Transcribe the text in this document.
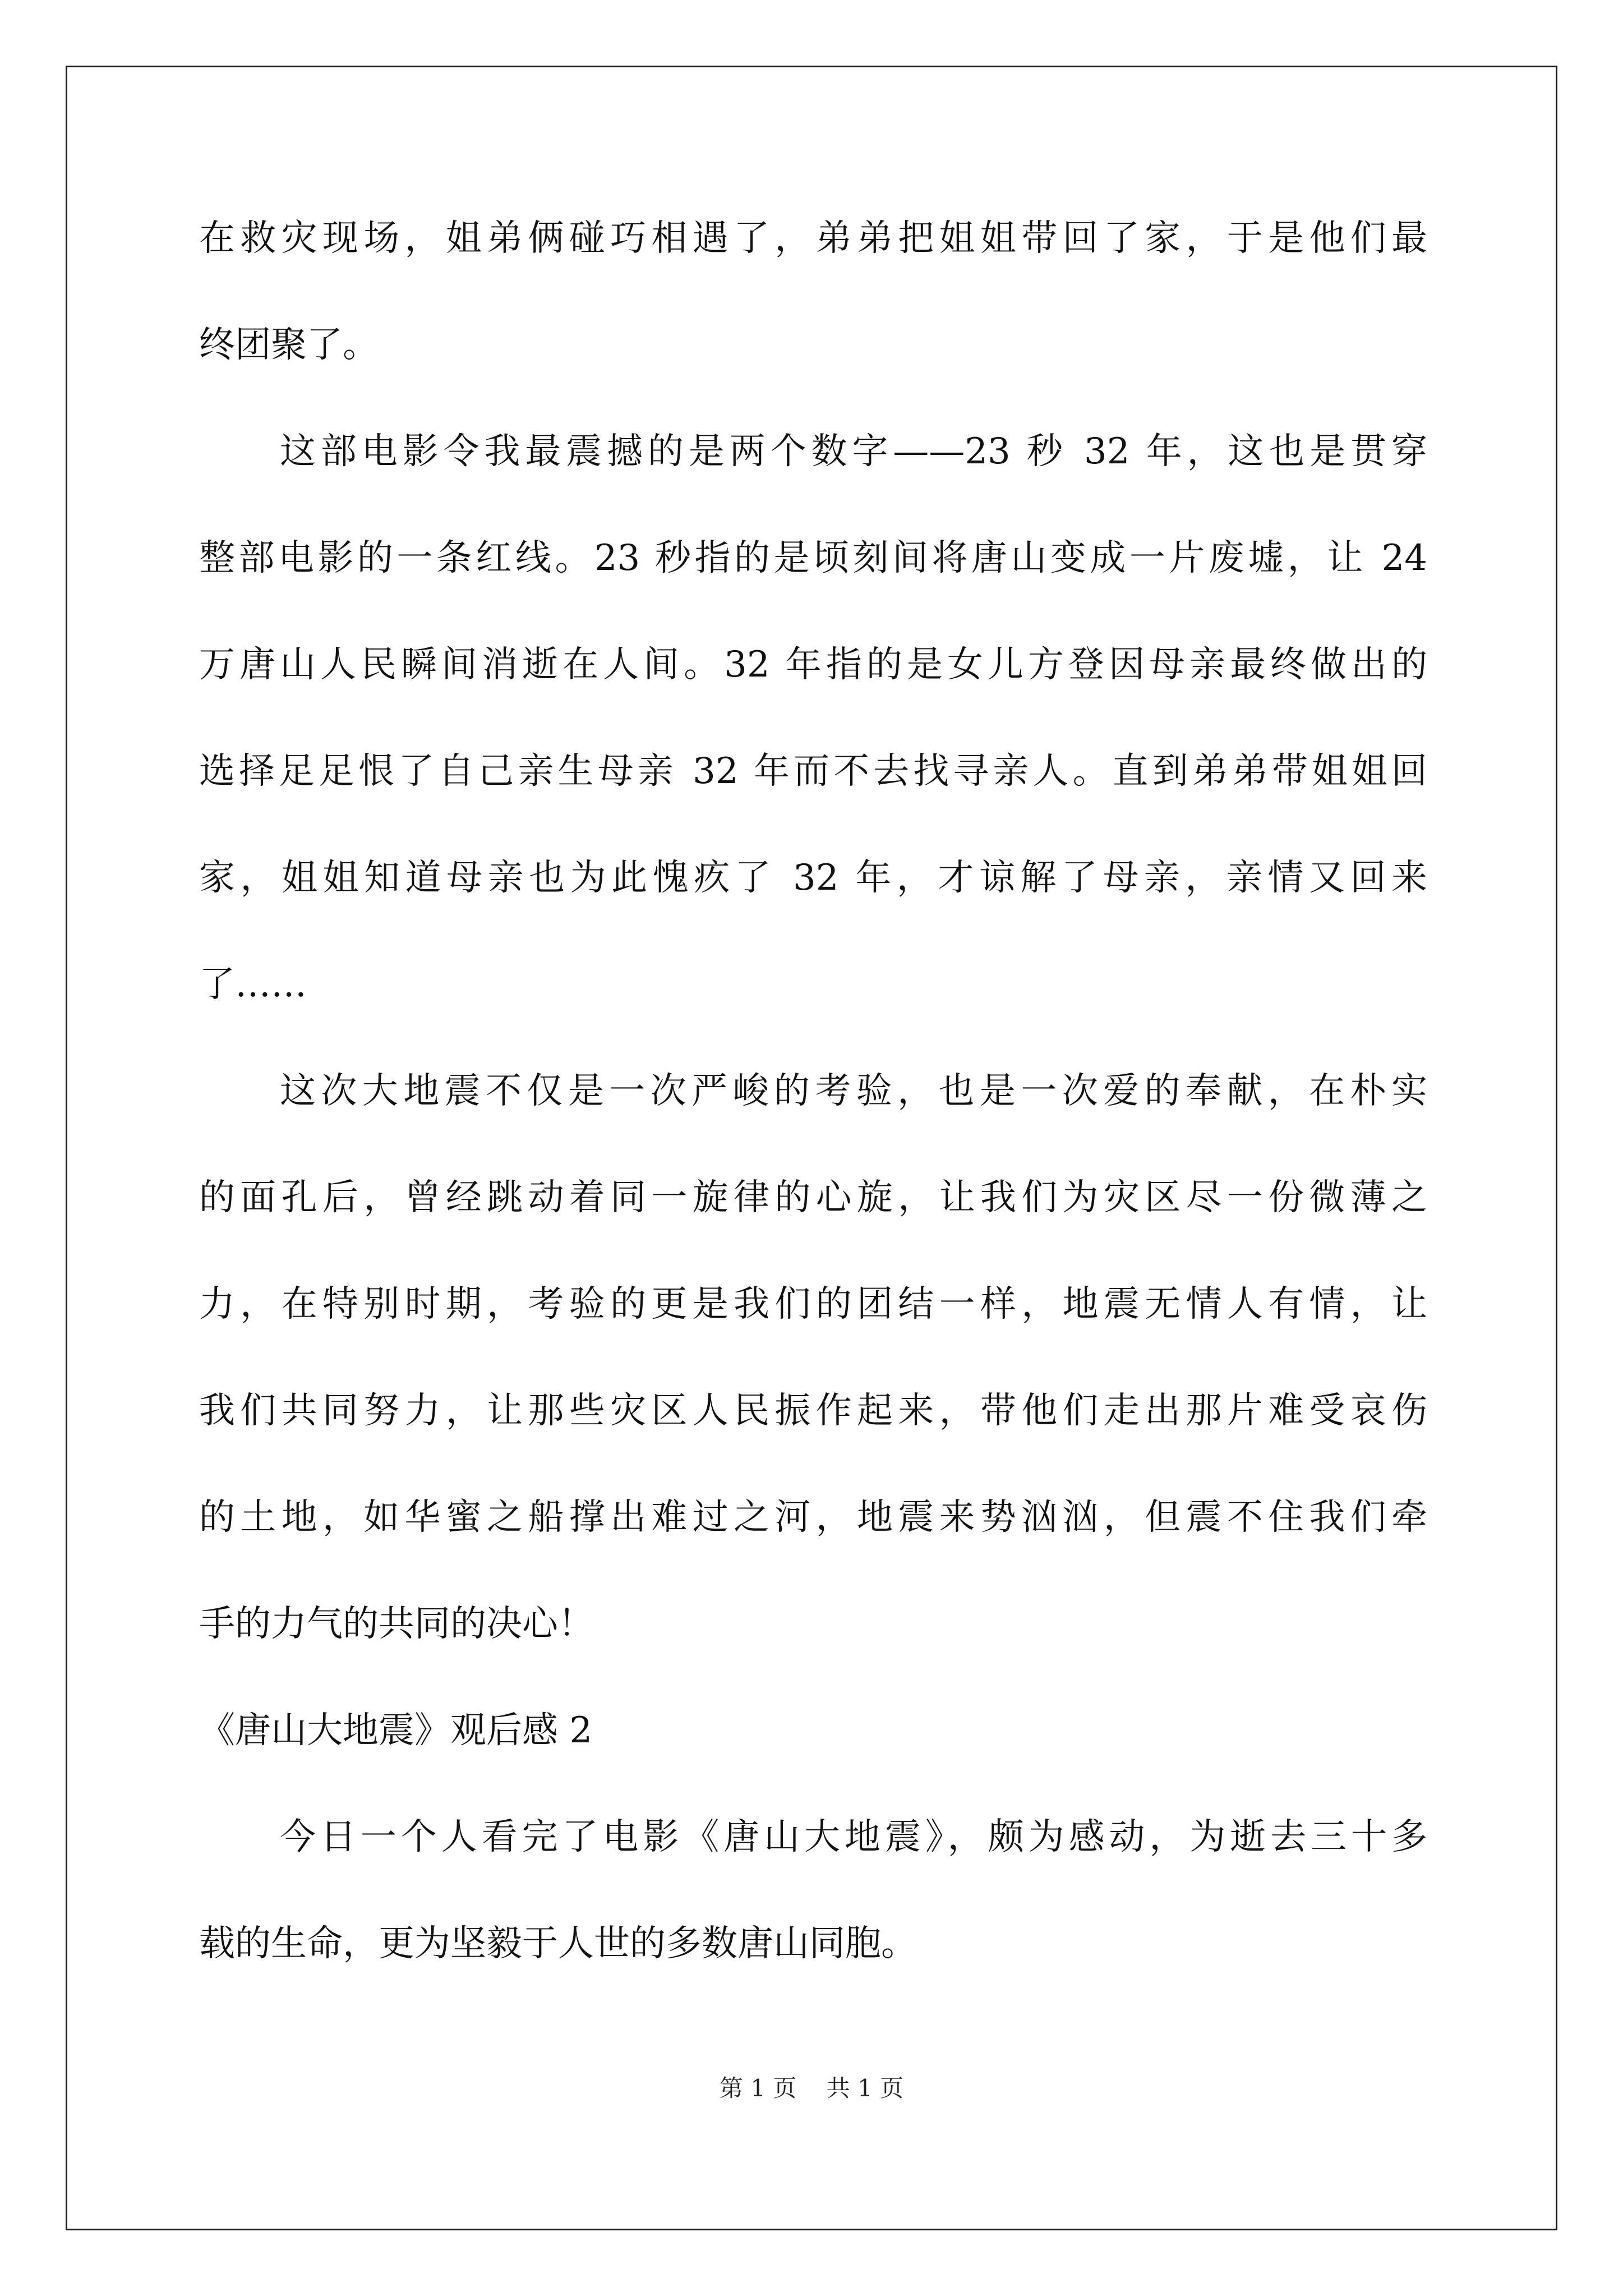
在救灾现场，姐弟俩碰巧相遇了，弟弟把姐姐带回了家，于是他们最
终团聚了。
这部电影令我最震撼的是两个数字——23 秒 32 年，这也是贯穿
整部电影的一条红线。23 秒指的是顷刻间将唐山变成一片废墟，让 24
万唐山人民瞬间消逝在人间。32 年指的是女儿方登因母亲最终做出的
选择足足恨了自己亲生母亲 32 年而不去找寻亲人。直到弟弟带姐姐回
家，姐姐知道母亲也为此愧疚了 32 年，才谅解了母亲，亲情又回来
了……
这次大地震不仅是一次严峻的考验，也是一次爱的奉献，在朴实
的面孔后，曾经跳动着同一旋律的心旋，让我们为灾区尽一份微薄之
力，在特别时期，考验的更是我们的团结一样，地震无情人有情，让
我们共同努力，让那些灾区人民振作起来，带他们走出那片难受哀伤
的土地，如华蜜之船撑出难过之河，地震来势汹汹，但震不住我们牵
手的力气的共同的决心！
《唐山大地震》观后感 2
今日一个人看完了电影《唐山大地震》，颇为感动，为逝去三十多
载的生命，更为坚毅于人世的多数唐山同胞。
第 1 页    共 1 页
